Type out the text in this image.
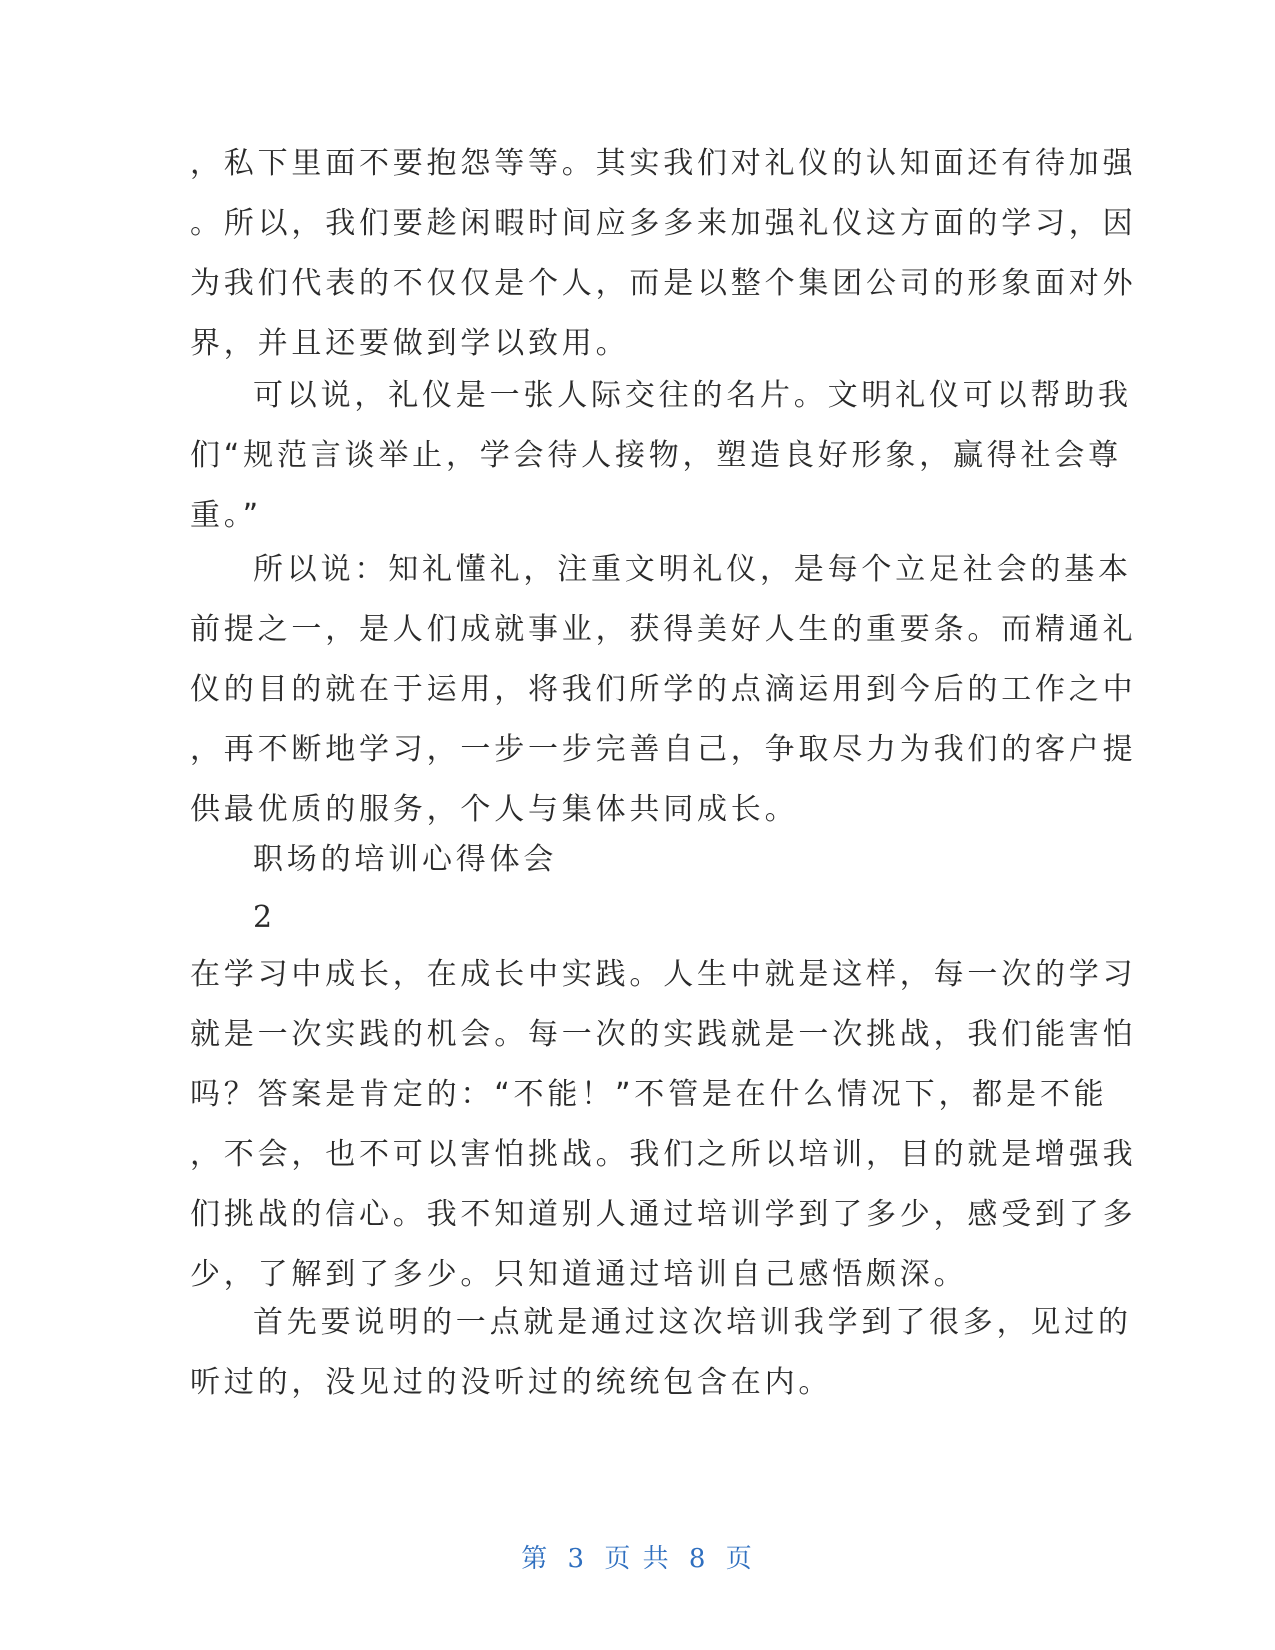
，私下里面不要抱怨等等。其实我们对礼仪的认知面还有待加强
。所以，我们要趁闲暇时间应多多来加强礼仪这方面的学习，因
为我们代表的不仅仅是个人，而是以整个集团公司的形象面对外
界，并且还要做到学以致用。
可以说，礼仪是一张人际交往的名片。文明礼仪可以帮助我
们“规范言谈举止，学会待人接物，塑造良好形象，赢得社会尊
重。”
所以说：知礼懂礼，注重文明礼仪，是每个立足社会的基本
前提之一，是人们成就事业，获得美好人生的重要条。而精通礼
仪的目的就在于运用，将我们所学的点滴运用到今后的工作之中
，再不断地学习，一步一步完善自己，争取尽力为我们的客户提
供最优质的服务，个人与集体共同成长。
职场的培训心得体会
2
在学习中成长，在成长中实践。人生中就是这样，每一次的学习
就是一次实践的机会。每一次的实践就是一次挑战，我们能害怕
吗？答案是肯定的：“不能！”不管是在什么情况下，都是不能
，不会，也不可以害怕挑战。我们之所以培训，目的就是增强我
们挑战的信心。我不知道别人通过培训学到了多少，感受到了多
少，了解到了多少。只知道通过培训自己感悟颇深。
首先要说明的一点就是通过这次培训我学到了很多，见过的
听过的，没见过的没听过的统统包含在内。
第 3 页 共 8 页
